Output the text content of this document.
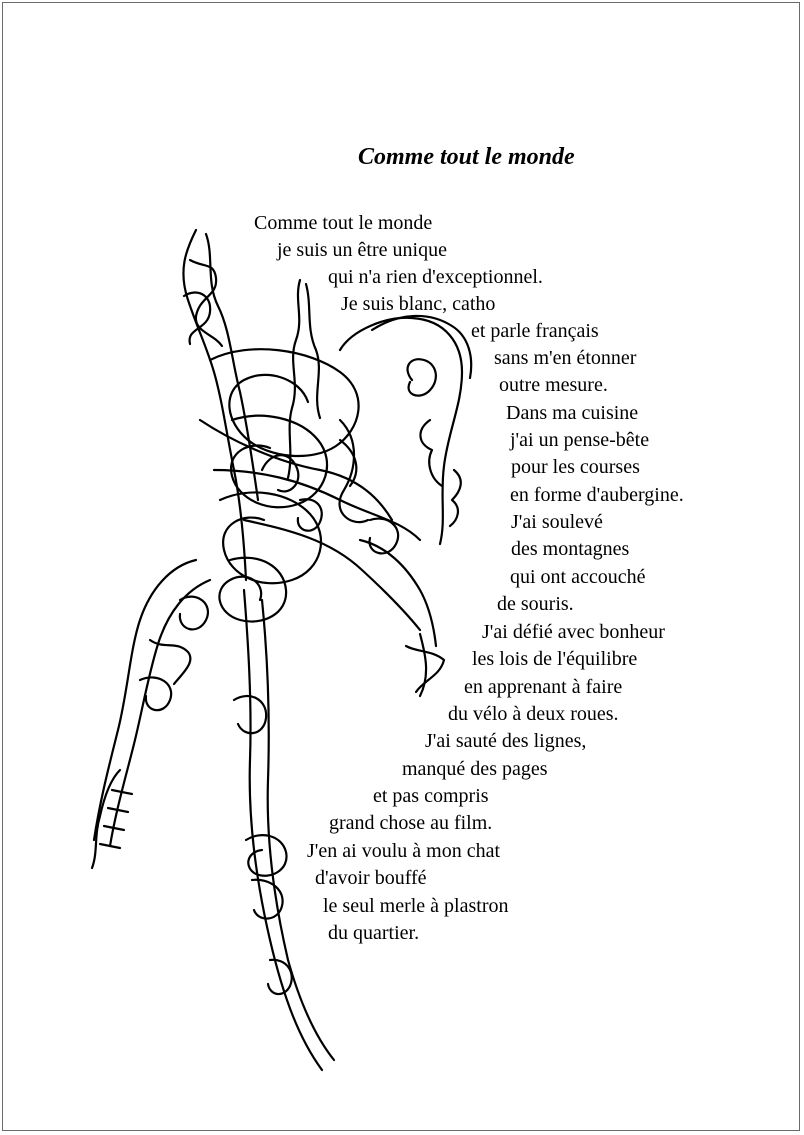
Comme tout le monde
Comme tout le monde
je suis un être unique
qui n'a rien d'exceptionnel.
Je suis blanc, catho
et parle français
sans m'en étonner
outre mesure.
Dans ma cuisine
j'ai un pense-bête
pour les courses
en forme d'aubergine.
J'ai soulevé
des montagnes
qui ont accouché
de souris.
J'ai défié avec bonheur
les lois de l'équilibre
en apprenant à faire
du vélo à deux roues.
J'ai sauté des lignes,
manqué des pages
et pas compris
grand chose au film.
J'en ai voulu à mon chat
d'avoir bouffé
le seul merle à plastron
du quartier.
